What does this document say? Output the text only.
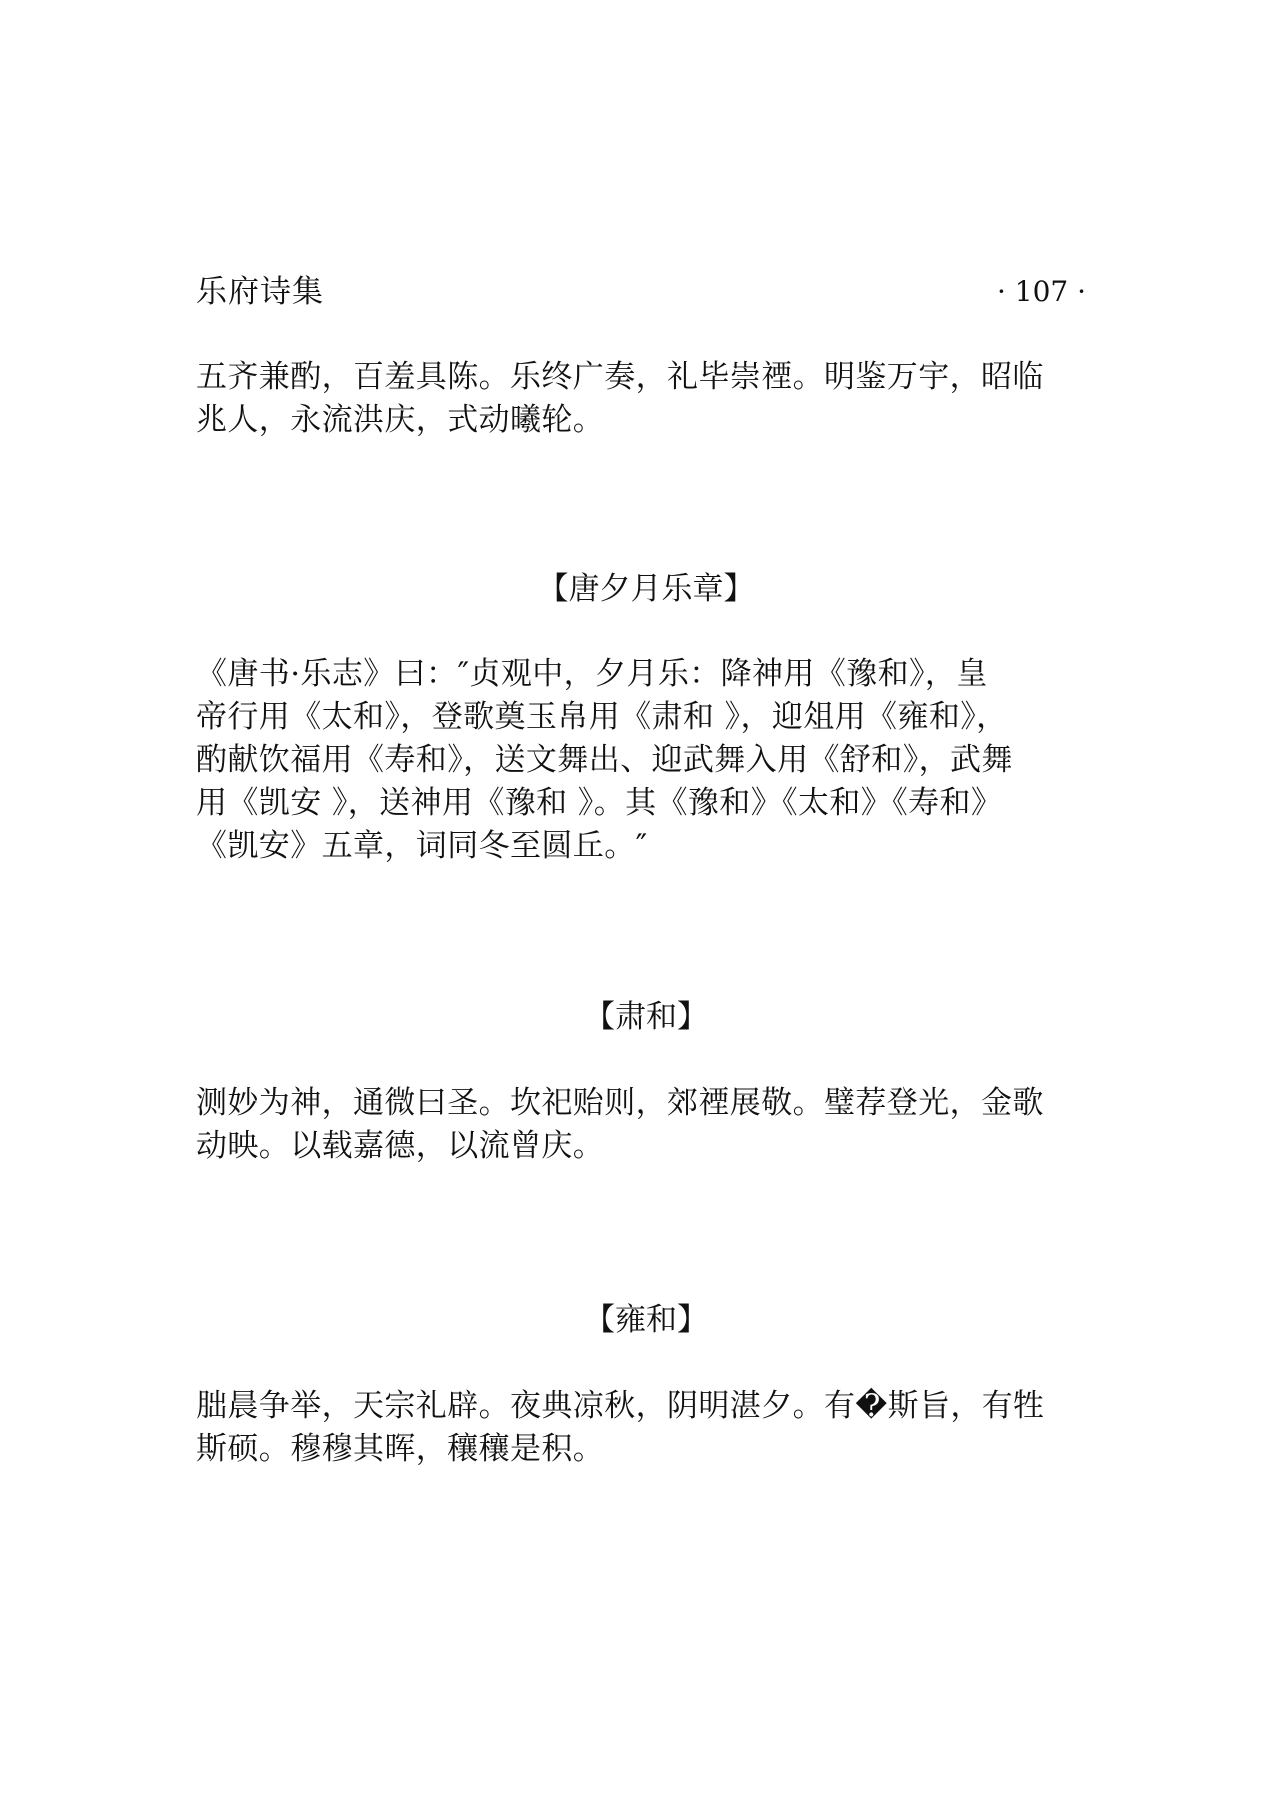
乐府诗集	· 107 ·
五齐兼酌，百羞具陈。乐终广奏，礼毕崇禋。明鉴万宇，昭临
兆人，永流洪庆，式动曦轮。
【唐夕月乐章】
《唐书·乐志》曰：″贞观中，夕月乐：降神用《豫和》，皇
帝行用《太和》，登歌奠玉帛用《肃和 》，迎俎用《雍和》，
酌献饮福用《寿和》，送文舞出、迎武舞入用《舒和》，武舞
用《凯安 》，送神用《豫和 》。其《豫和》《太和》《寿和》
《凯安》五章，词同冬至圆丘。″
【肃和】
测妙为神，通微曰圣。坎祀贻则，郊禋展敬。璧荐登光，金歌
动映。以载嘉德，以流曾庆。
【雍和】
朏晨争举，天宗礼辟。夜典凉秋，阴明湛夕。有�斯旨，有牲
斯硕。穆穆其晖，穰穰是积。
